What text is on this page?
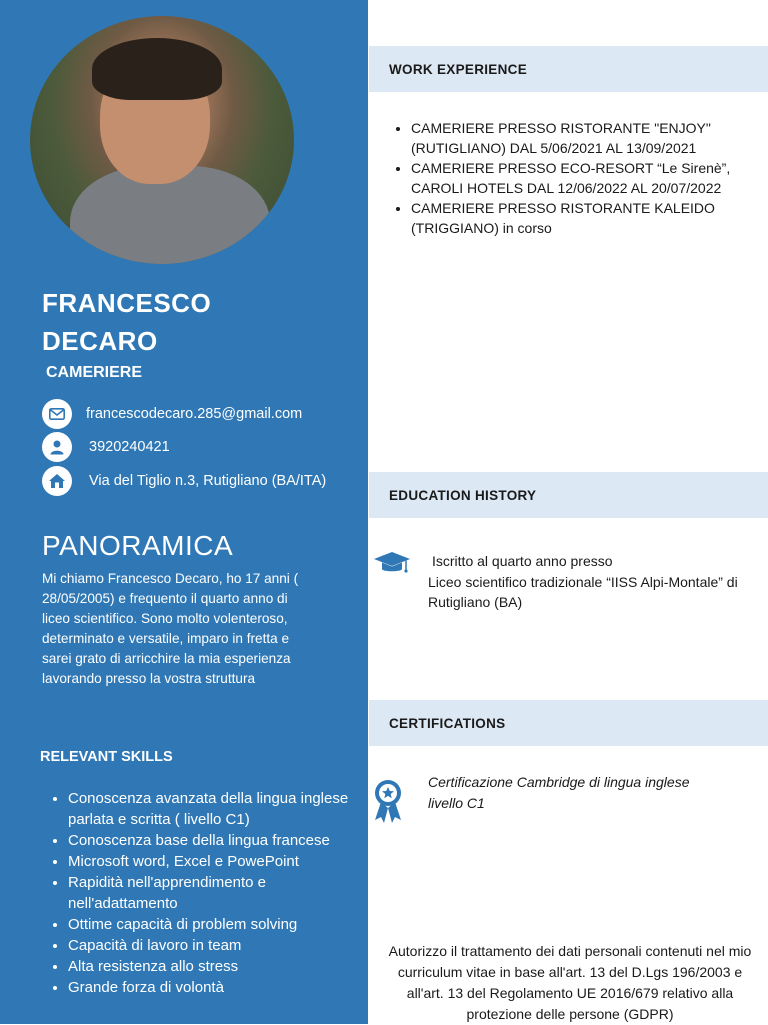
FRANCESCO
DECARO
CAMERIERE
francescodecaro.285@gmail.com
3920240421
Via del Tiglio n.3, Rutigliano (BA/ITA)
PANORAMICA
Mi chiamo Francesco Decaro, ho 17 anni ( 28/05/2005) e frequento il quarto anno di liceo scientifico. Sono molto volenteroso, determinato e versatile, imparo in fretta e sarei grato di arricchire la mia esperienza lavorando presso la vostra struttura
RELEVANT SKILLS
• Conoscenza avanzata della lingua inglese parlata e scritta ( livello C1)
• Conoscenza base della lingua francese
• Microsoft word, Excel e PowePoint
• Rapidità nell'apprendimento e nell'adattamento
• Ottime capacità di problem solving
• Capacità di lavoro in team
• Alta resistenza allo stress
• Grande forza di volontà
WORK EXPERIENCE
• CAMERIERE PRESSO RISTORANTE "ENJOY"(RUTIGLIANO) DAL 5/06/2021 AL 13/09/2021
• CAMERIERE PRESSO ECO-RESORT “Le Sirenè”, CAROLI HOTELS DAL 12/06/2022 AL 20/07/2022
• CAMERIERE PRESSO RISTORANTE KALEIDO (TRIGGIANO) in corso
EDUCATION HISTORY
Iscritto al quarto anno presso
Liceo scientifico tradizionale “IISS Alpi-Montale” di Rutigliano (BA)
CERTIFICATIONS
Certificazione Cambridge di lingua inglese livello C1
Autorizzo il trattamento dei dati personali contenuti nel mio curriculum vitae in base all'art. 13 del D.Lgs 196/2003 e all'art. 13 del Regolamento UE 2016/679 relativo alla protezione delle persone (GDPR)
